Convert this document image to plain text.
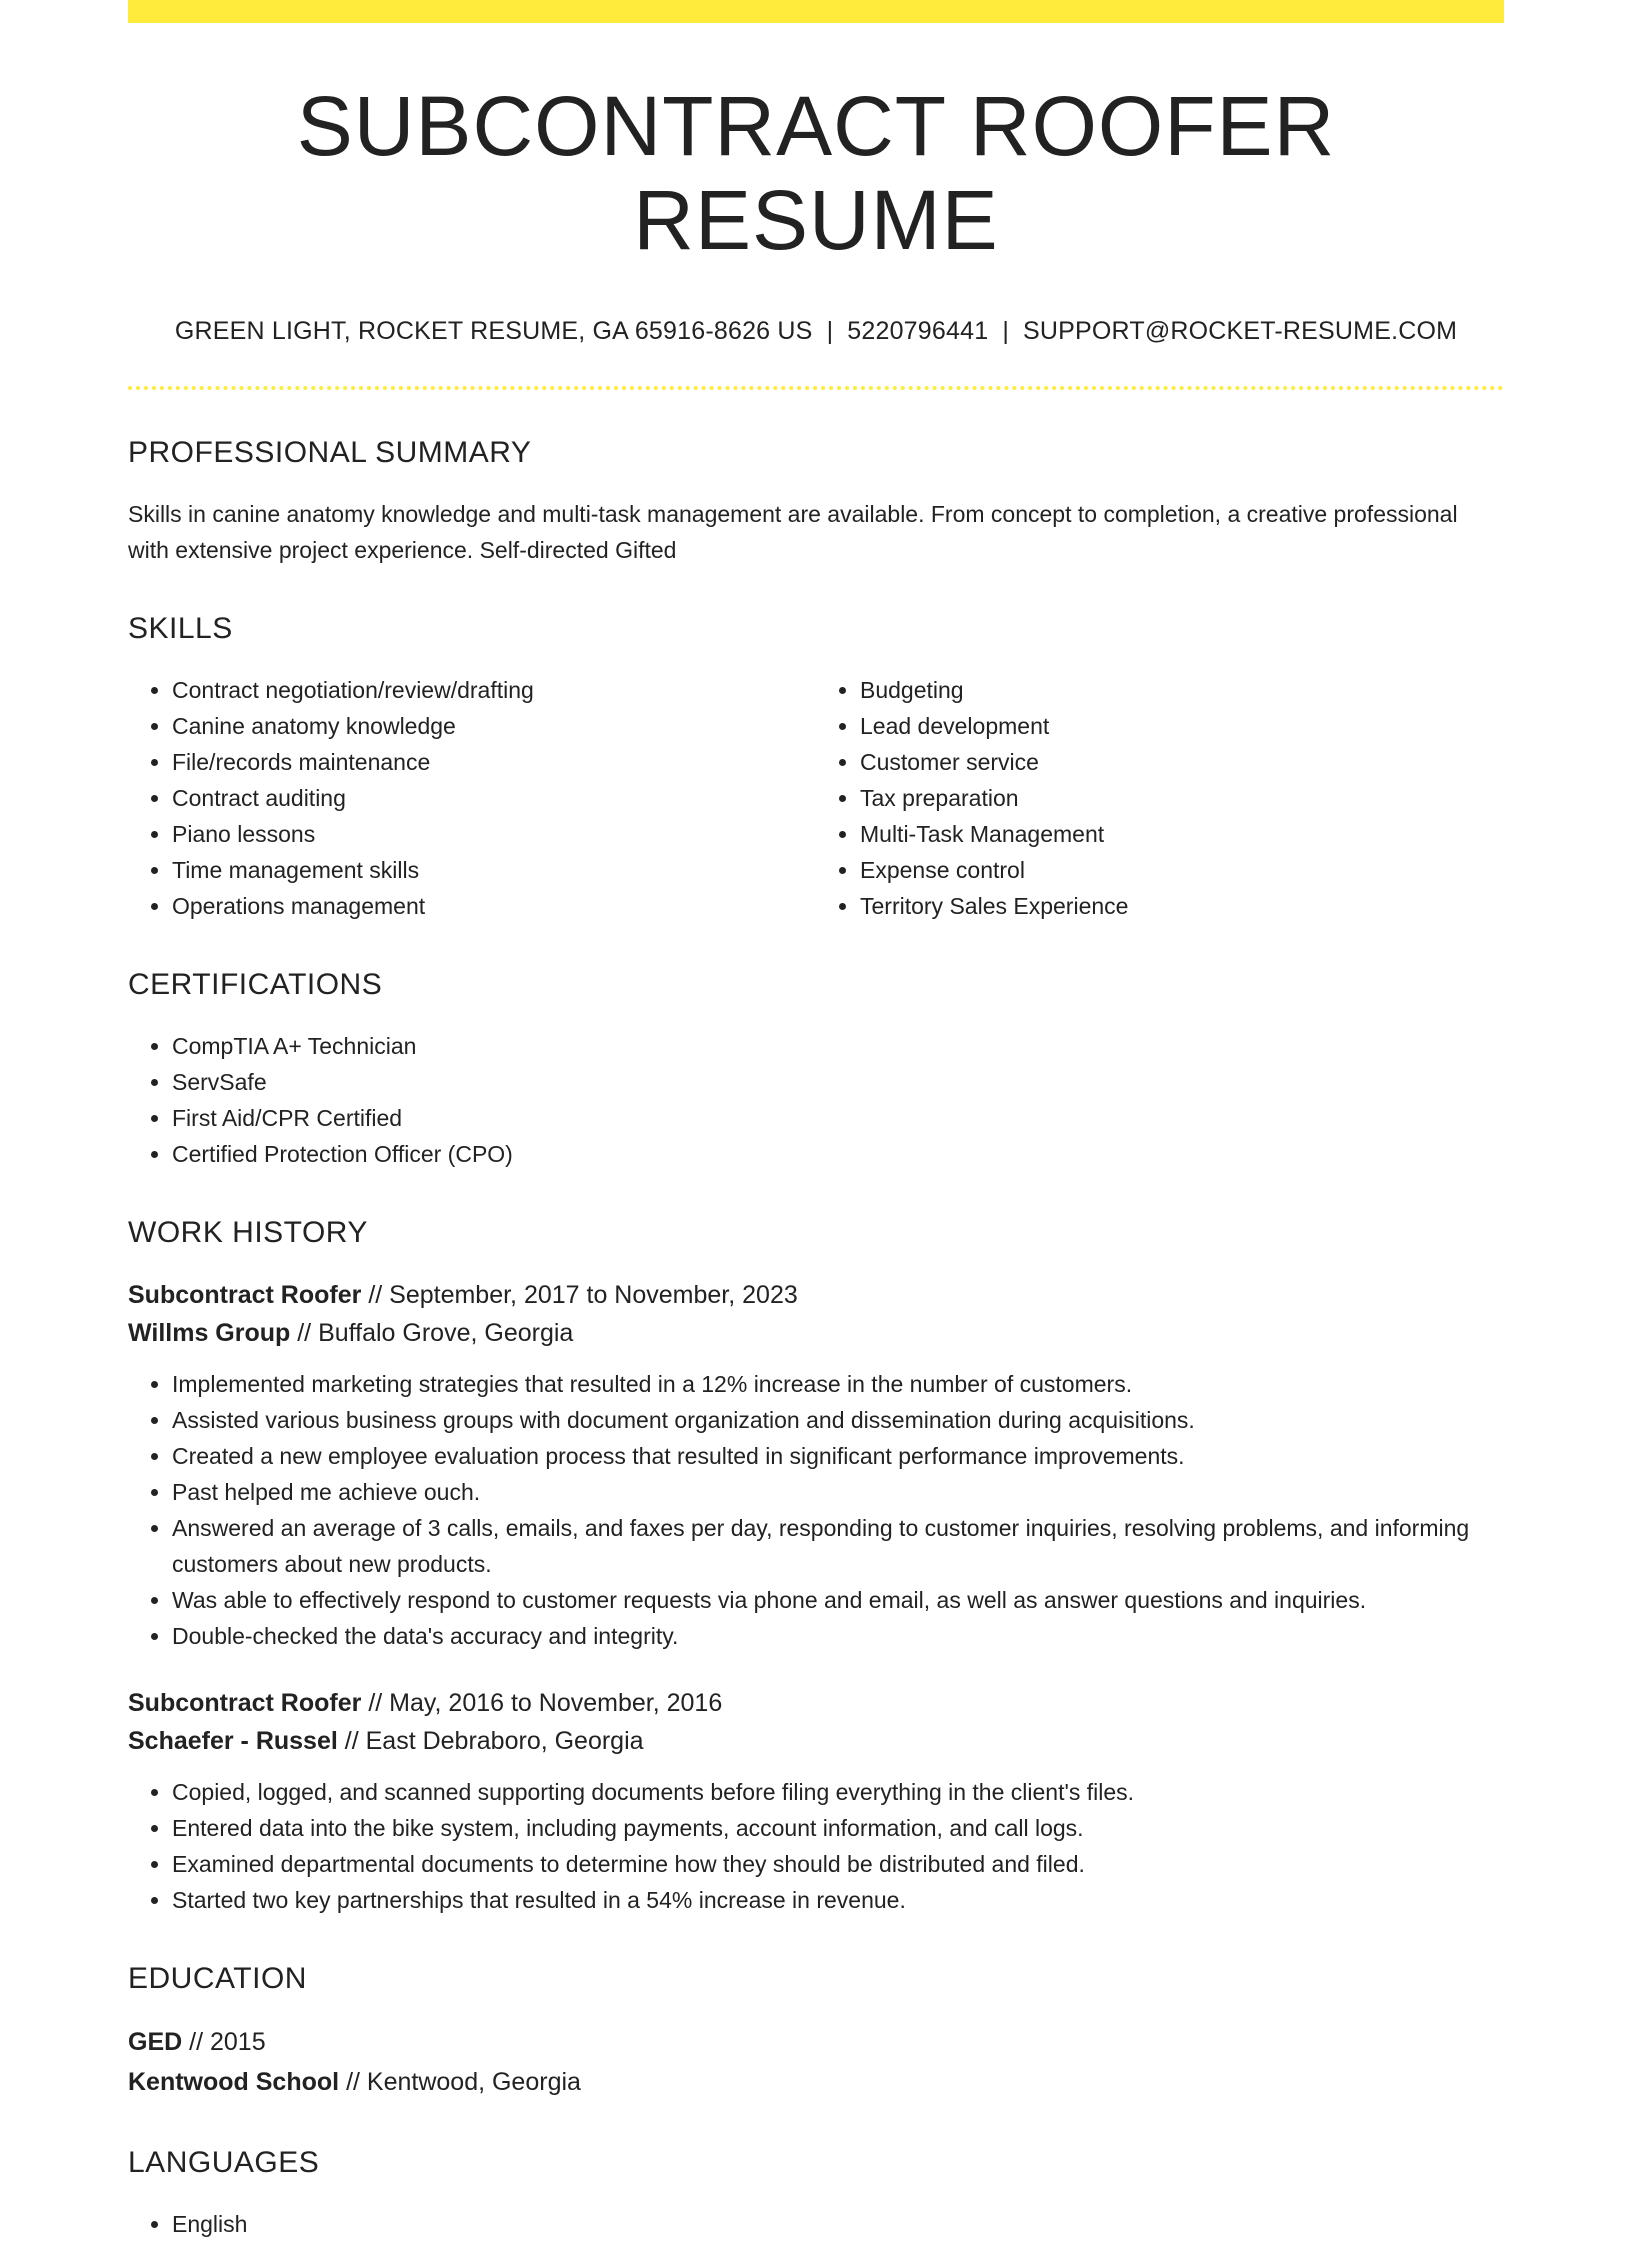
SUBCONTRACT ROOFER RESUME
GREEN LIGHT, ROCKET RESUME, GA 65916-8626 US | 5220796441 | SUPPORT@ROCKET-RESUME.COM
PROFESSIONAL SUMMARY

Skills in canine anatomy knowledge and multi-task management are available. From concept to completion, a creative professional with extensive project experience. Self-directed Gifted

SKILLS
• Contract negotiation/review/drafting
• Canine anatomy knowledge
• File/records maintenance
• Contract auditing
• Piano lessons
• Time management skills
• Operations management
• Budgeting
• Lead development
• Customer service
• Tax preparation
• Multi-Task Management
• Expense control
• Territory Sales Experience
CERTIFICATIONS
• CompTIA A+ Technician
• ServSafe
• First Aid/CPR Certified
• Certified Protection Officer (CPO)
WORK HISTORY
Subcontract Roofer // September, 2017 to November, 2023
Willms Group // Buffalo Grove, Georgia
• Implemented marketing strategies that resulted in a 12% increase in the number of customers.
• Assisted various business groups with document organization and dissemination during acquisitions.
• Created a new employee evaluation process that resulted in significant performance improvements.
• Past helped me achieve ouch.
• Answered an average of 3 calls, emails, and faxes per day, responding to customer inquiries, resolving problems, and informing customers about new products.
• Was able to effectively respond to customer requests via phone and email, as well as answer questions and inquiries.
• Double-checked the data's accuracy and integrity.
Subcontract Roofer // May, 2016 to November, 2016
Schaefer - Russel // East Debraboro, Georgia
• Copied, logged, and scanned supporting documents before filing everything in the client's files.
• Entered data into the bike system, including payments, account information, and call logs.
• Examined departmental documents to determine how they should be distributed and filed.
• Started two key partnerships that resulted in a 54% increase in revenue.
EDUCATION
GED // 2015
Kentwood School // Kentwood, Georgia
LANGUAGES
• English
